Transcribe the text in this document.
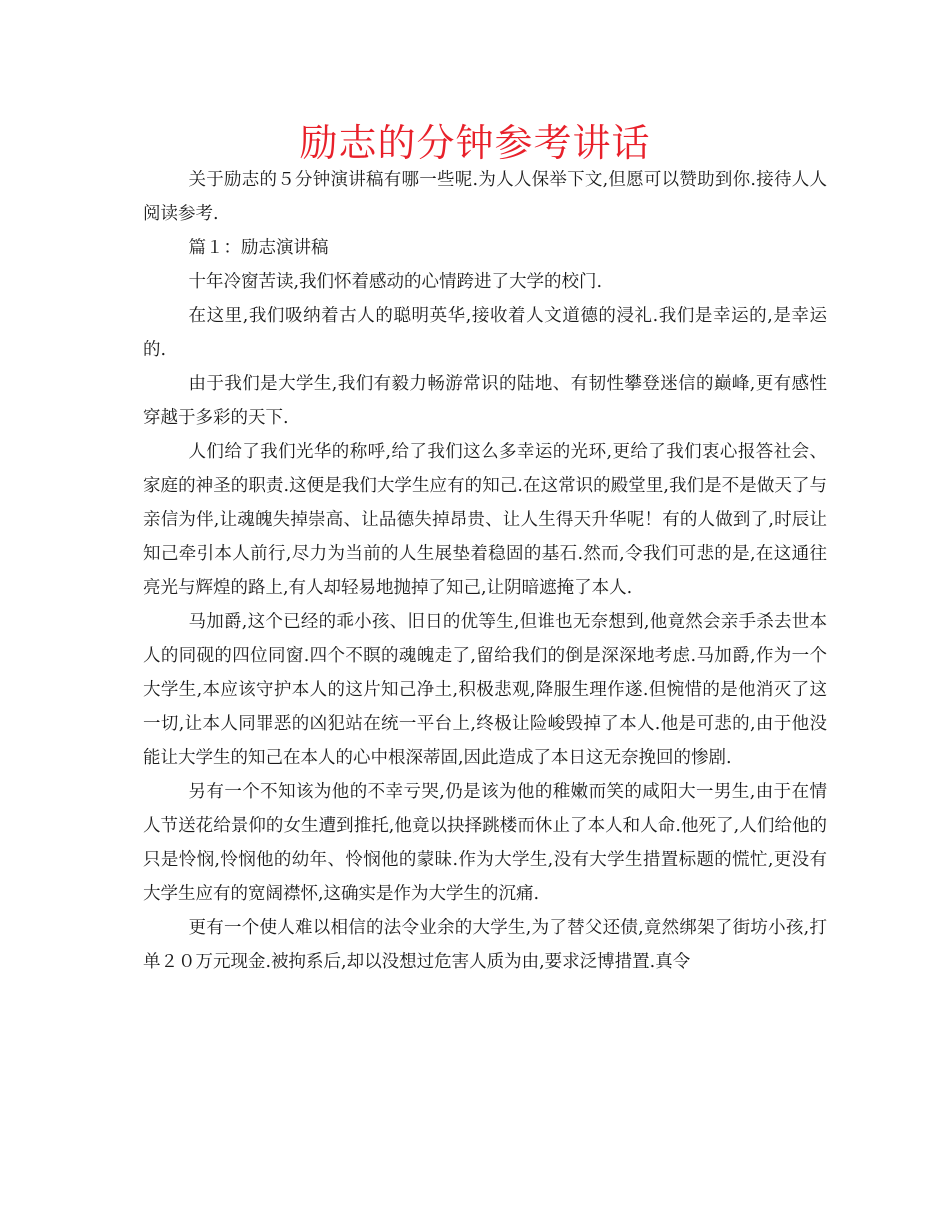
励志的分钟参考讲话

关于励志的５分钟演讲稿有哪一些呢.为人人保举下文,但愿可以赞助到你.接待人人阅读参考.

篇１：励志演讲稿

十年冷窗苦读,我们怀着感动的心情跨进了大学的校门.

在这里,我们吸纳着古人的聪明英华,接收着人文道德的浸礼.我们是幸运的,是幸运的.

由于我们是大学生,我们有毅力畅游常识的陆地、有韧性攀登迷信的巅峰,更有感性穿越于多彩的天下.

人们给了我们光华的称呼,给了我们这么多幸运的光环,更给了我们衷心报答社会、家庭的神圣的职责.这便是我们大学生应有的知己.在这常识的殿堂里,我们是不是做天了与亲信为伴,让魂魄失掉崇高、让品德失掉昂贵、让人生得天升华呢！有的人做到了,时辰让知己牵引本人前行,尽力为当前的人生展垫着稳固的基石.然而,令我们可悲的是,在这通往亮光与辉煌的路上,有人却轻易地抛掉了知己,让阴暗遮掩了本人.

马加爵,这个已经的乖小孩、旧日的优等生,但谁也无奈想到,他竟然会亲手杀去世本人的同砚的四位同窗.四个不瞑的魂魄走了,留给我们的倒是深深地考虑.马加爵,作为一个大学生,本应该守护本人的这片知己净土,积极悲观,降服生理作遂.但惋惜的是他消灭了这一切,让本人同罪恶的凶犯站在统一平台上,终极让险峻毁掉了本人.他是可悲的,由于他没能让大学生的知己在本人的心中根深蒂固,因此造成了本日这无奈挽回的惨剧.

另有一个不知该为他的不幸亏哭,仍是该为他的稚嫩而笑的咸阳大一男生,由于在情人节送花给景仰的女生遭到推托,他竟以抉择跳楼而休止了本人和人命.他死了,人们给他的只是怜悯,怜悯他的幼年、怜悯他的蒙昧.作为大学生,没有大学生措置标题的慌忙,更没有大学生应有的宽阔襟怀,这确实是作为大学生的沉痛.

更有一个使人难以相信的法令业余的大学生,为了替父还债,竟然绑架了街坊小孩,打单２０万元现金.被拘系后,却以没想过危害人质为由,要求泛博措置.真令
